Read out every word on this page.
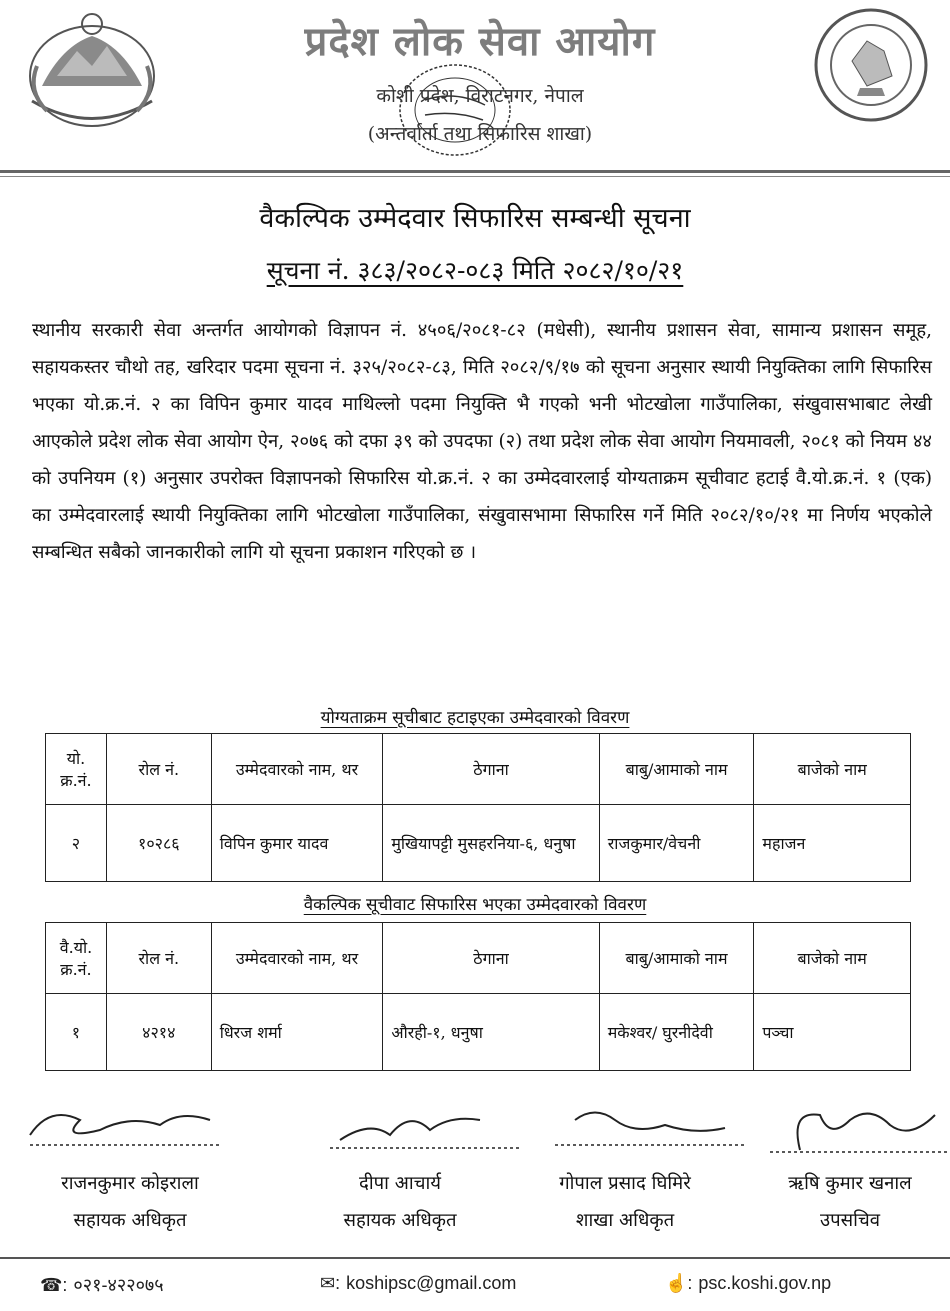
प्रदेश लोक सेवा आयोग
कोशी प्रदेश, विराटनगर, नेपाल
(अन्तर्वार्ता तथा सिफारिस शाखा)
वैकल्पिक उम्मेदवार सिफारिस सम्बन्धी सूचना
सूचना नं. ३८३/२०८२-०८३ मिति २०८२/१०/२१
स्थानीय सरकारी सेवा अन्तर्गत आयोगको विज्ञापन नं. ४५०६/२०८१-८२ (मधेसी), स्थानीय प्रशासन सेवा, सामान्य प्रशासन समूह, सहायकस्तर चौथो तह, खरिदार पदमा सूचना नं. ३२५/२०८२-८३, मिति २०८२/९/१७ को सूचना अनुसार स्थायी नियुक्तिका लागि सिफारिस भएका यो.क्र.नं. २ का विपिन कुमार यादव माथिल्लो पदमा नियुक्ति भै गएको भनी भोटखोला गाउँपालिका, संखुवासभाबाट लेखी आएकोले प्रदेश लोक सेवा आयोग ऐन, २०७६ को दफा ३९ को उपदफा (२) तथा प्रदेश लोक सेवा आयोग नियमावली, २०८१ को नियम ४४ को उपनियम (१) अनुसार उपरोक्त विज्ञापनको सिफारिस यो.क्र.नं. २ का उम्मेदवारलाई योग्यताक्रम सूचीवाट हटाई वै.यो.क्र.नं. १ (एक) का उम्मेदवारलाई स्थायी नियुक्तिका लागि भोटखोला गाउँपालिका, संखुवासभामा सिफारिस गर्ने मिति २०८२/१०/२१ मा निर्णय भएकोले सम्बन्धित सबैको जानकारीको लागि यो सूचना प्रकाशन गरिएको छ ।
योग्यताक्रम सूचीबाट हटाइएका उम्मेदवारको विवरण
यो. क्र.नं.	रोल नं.	उम्मेदवारको नाम, थर	ठेगाना	बाबु/आमाको नाम	बाजेको नाम
२	१०२८६	विपिन कुमार यादव	मुखियापट्टी मुसहरनिया-६, धनुषा	राजकुमार/वेचनी	महाजन
वैकल्पिक सूचीवाट सिफारिस भएका उम्मेदवारको विवरण
वै.यो. क्र.नं.	रोल नं.	उम्मेदवारको नाम, थर	ठेगाना	बाबु/आमाको नाम	बाजेको नाम
१	४२१४	धिरज शर्मा	औरही-१, धनुषा	मकेश्वर/ घुरनीदेवी	पञ्चा
राजनकुमार कोइराला
सहायक अधिकृत
दीपा आचार्य
सहायक अधिकृत
गोपाल प्रसाद घिमिरे
शाखा अधिकृत
ऋषि कुमार खनाल
उपसचिव
☎: ०२१-४२२०७५	✉: koshipsc@gmail.com	☝: psc.koshi.gov.np
